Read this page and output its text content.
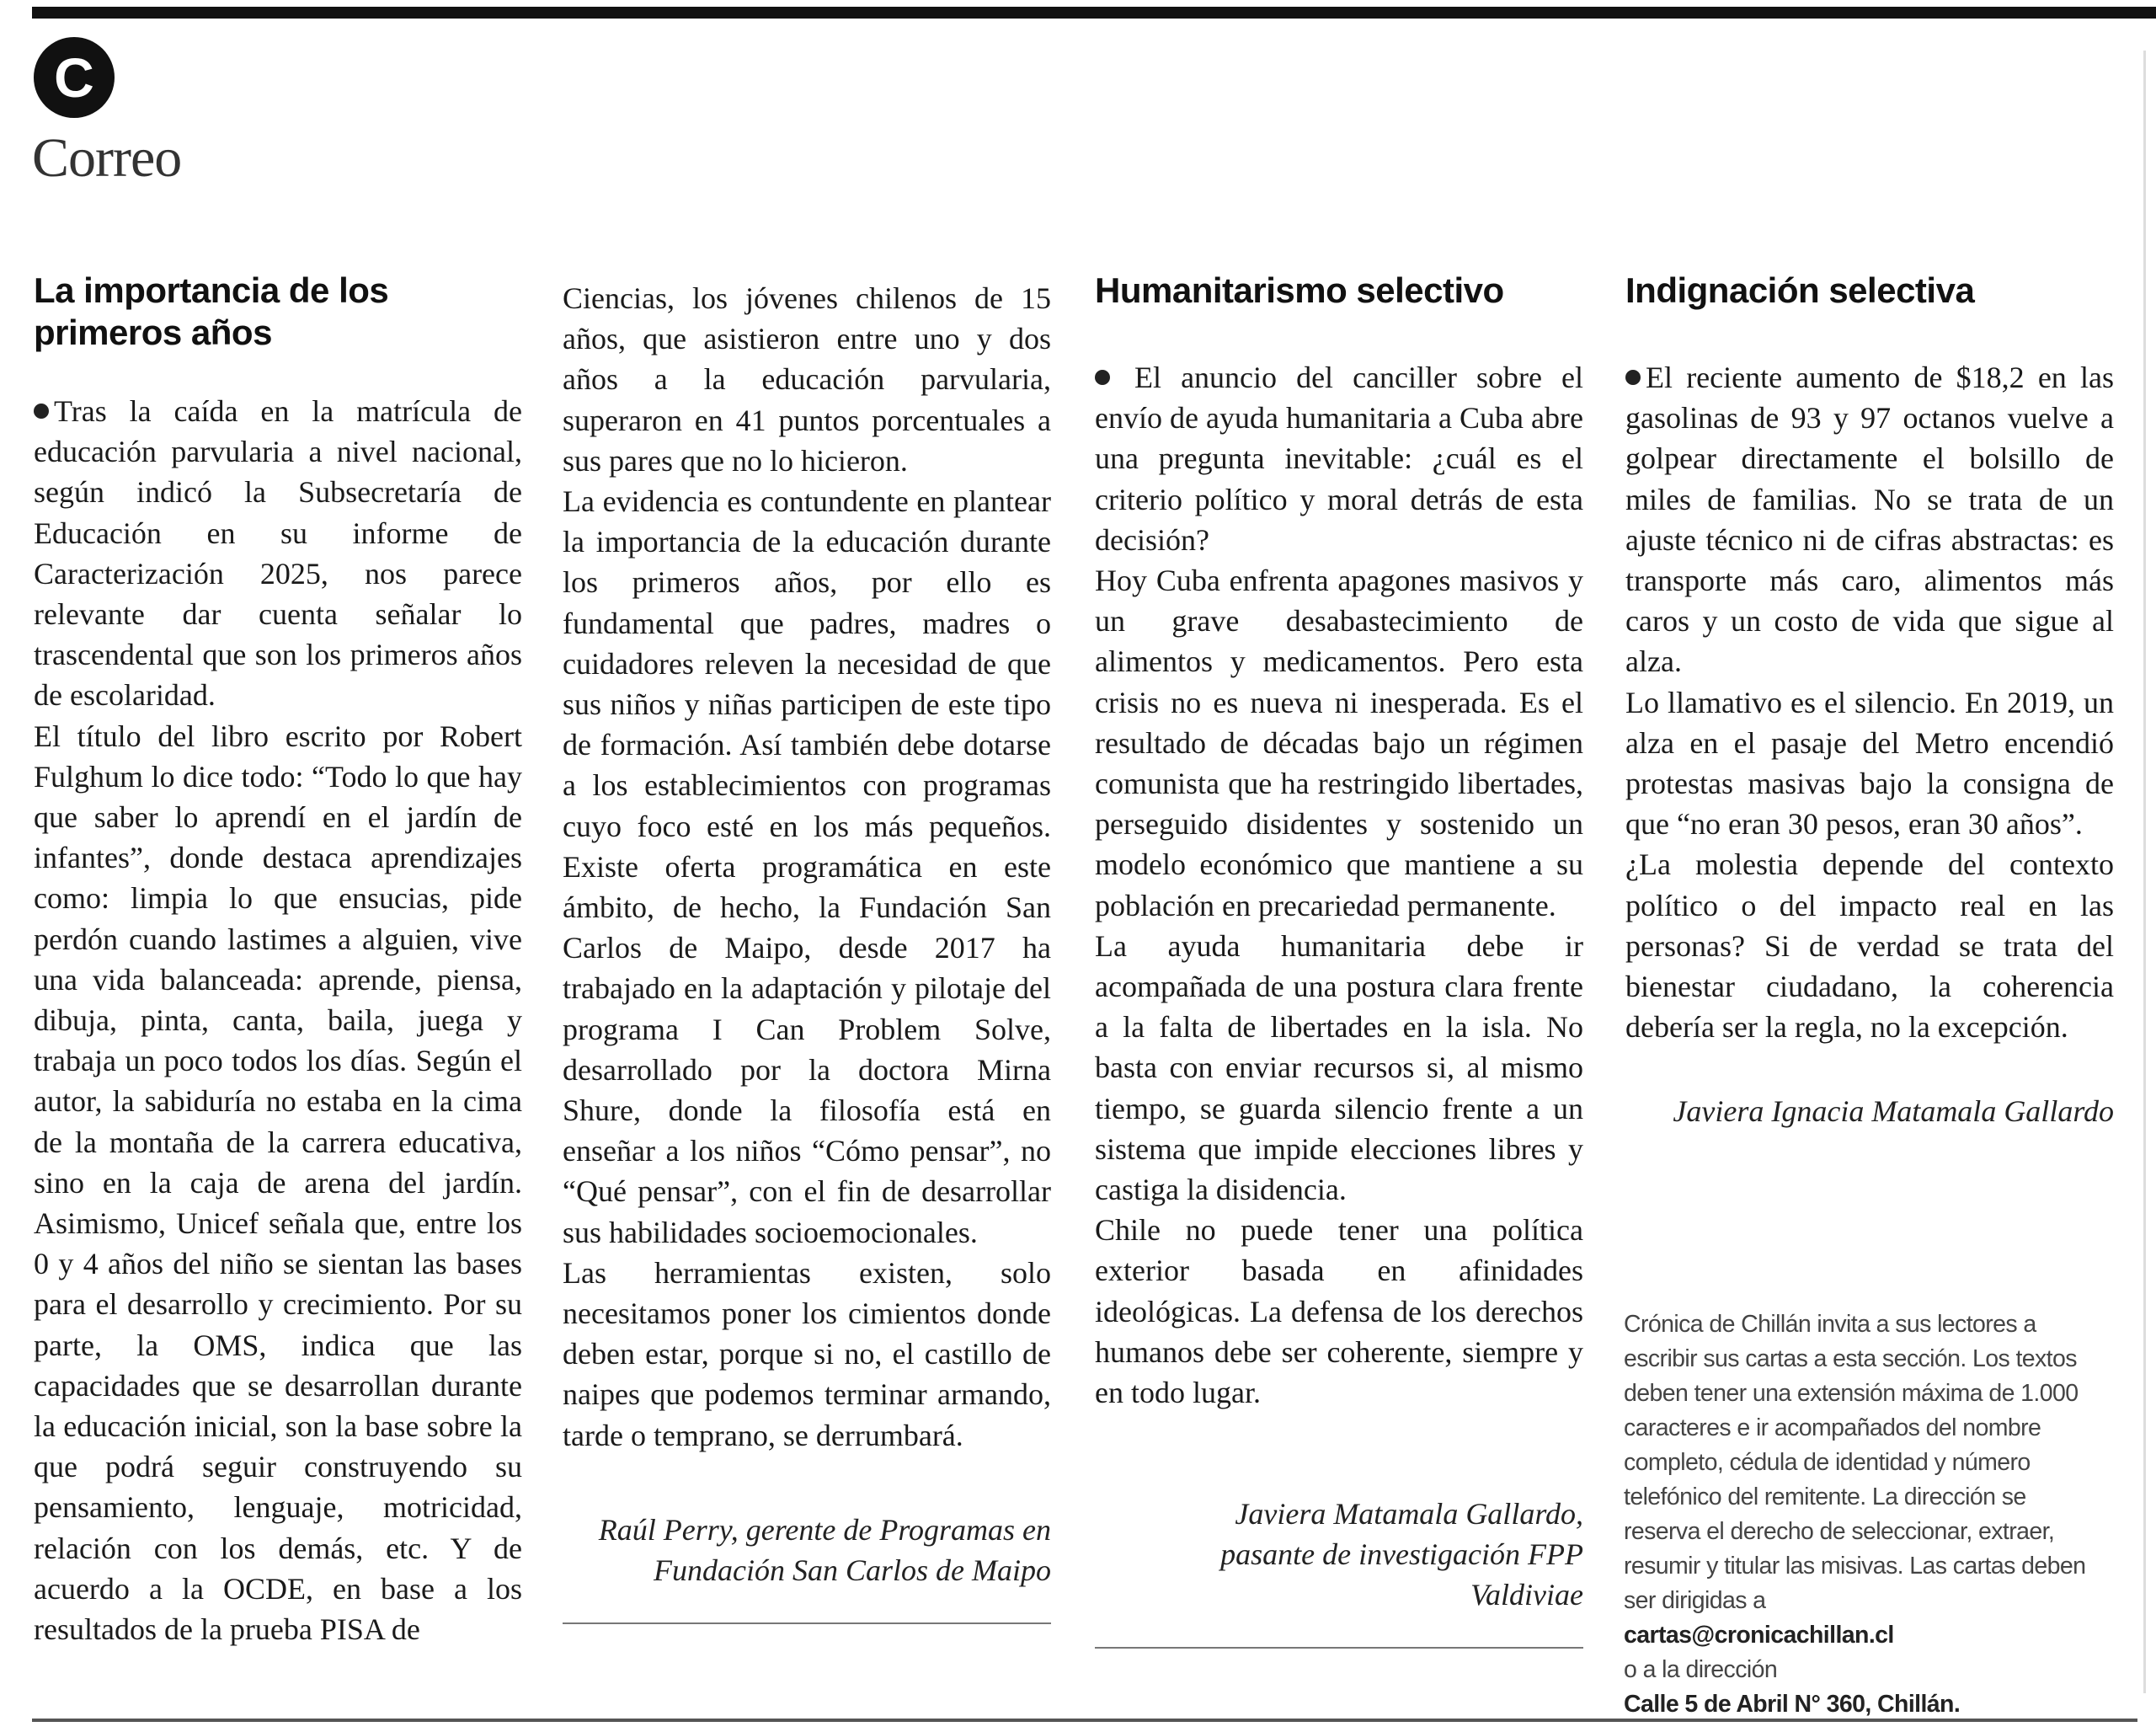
C
Correo
La importancia de los primeros años

Tras la caída en la matrícula de educación parvularia a nivel nacional, según indicó la Subsecretaría de Educación en su informe de Caracterización 2025, nos parece relevante dar cuenta señalar lo trascendental que son los primeros años de escolaridad.

El título del libro escrito por Robert Fulghum lo dice todo: “Todo lo que hay que saber lo aprendí en el jardín de infantes”, donde destaca aprendizajes como: limpia lo que ensucias, pide perdón cuando lastimes a alguien, vive una vida balanceada: aprende, piensa, dibuja, pinta, canta, baila, juega y trabaja un poco todos los días. Según el autor, la sabiduría no estaba en la cima de la montaña de la carrera educativa, sino en la caja de arena del jardín. Asimismo, Unicef señala que, entre los 0 y 4 años del niño se sientan las bases para el desarrollo y crecimiento. Por su parte, la OMS, indica que las capacidades que se desarrollan durante la educación inicial, son la base sobre la que podrá seguir construyendo su pensamiento, lenguaje, motricidad, relación con los demás, etc. Y de acuerdo a la OCDE, en base a los resultados de la prueba PISA de

Ciencias, los jóvenes chilenos de 15 años, que asistieron entre uno y dos años a la educación parvularia, superaron en 41 puntos porcentuales a sus pares que no lo hicieron.

La evidencia es contundente en plantear la importancia de la educación durante los primeros años, por ello es fundamental que padres, madres o cuidadores releven la necesidad de que sus niños y niñas participen de este tipo de formación. Así también debe dotarse a los establecimientos con programas cuyo foco esté en los más pequeños. Existe oferta programática en este ámbito, de hecho, la Fundación San Carlos de Maipo, desde 2017 ha trabajado en la adaptación y pilotaje del programa I Can Problem Solve, desarrollado por la doctora Mirna Shure, donde la filosofía está en enseñar a los niños “Cómo pensar”, no “Qué pensar”, con el fin de desarrollar sus habilidades socioemocionales.

Las herramientas existen, solo necesitamos poner los cimientos donde deben estar, porque si no, el castillo de naipes que podemos terminar armando, tarde o temprano, se derrumbará.

Raúl Perry, gerente de Programas en
Fundación San Carlos de Maipo
Humanitarismo selectivo

El anuncio del canciller sobre el envío de ayuda humanitaria a Cuba abre una pregunta inevitable: ¿cuál es el criterio político y moral detrás de esta decisión?

Hoy Cuba enfrenta apagones masivos y un grave desabastecimiento de alimentos y medicamentos. Pero esta crisis no es nueva ni inesperada. Es el resultado de décadas bajo un régimen comunista que ha restringido libertades, perseguido disidentes y sostenido un modelo económico que mantiene a su población en precariedad permanente.

La ayuda humanitaria debe ir acompañada de una postura clara frente a la falta de libertades en la isla. No basta con enviar recursos si, al mismo tiempo, se guarda silencio frente a un sistema que impide elecciones libres y castiga la disidencia.

Chile no puede tener una política exterior basada en afinidades ideológicas. La defensa de los derechos humanos debe ser coherente, siempre y en todo lugar.

Javiera Matamala Gallardo,
pasante de investigación FPP
Valdiviae
Indignación selectiva

El reciente aumento de $18,2 en las gasolinas de 93 y 97 octanos vuelve a golpear directamente el bolsillo de miles de familias. No se trata de un ajuste técnico ni de cifras abstractas: es transporte más caro, alimentos más caros y un costo de vida que sigue al alza.

Lo llamativo es el silencio. En 2019, un alza en el pasaje del Metro encendió protestas masivas bajo la consigna de que “no eran 30 pesos, eran 30 años”.

¿La molestia depende del contexto político o del impacto real en las personas? Si de verdad se trata del bienestar ciudadano, la coherencia debería ser la regla, no la excepción.

Javiera Ignacia Matamala Gallardo
Crónica de Chillán invita a sus lectores a escribir sus cartas a esta sección. Los textos deben tener una extensión máxima de 1.000 caracteres e ir acompañados del nombre completo, cédula de identidad y número telefónico del remitente. La dirección se reserva el derecho de seleccionar, extraer, resumir y titular las misivas. Las cartas deben ser dirigidas a
cartas@cronicachillan.cl
o a la dirección
Calle 5 de Abril N° 360, Chillán.
